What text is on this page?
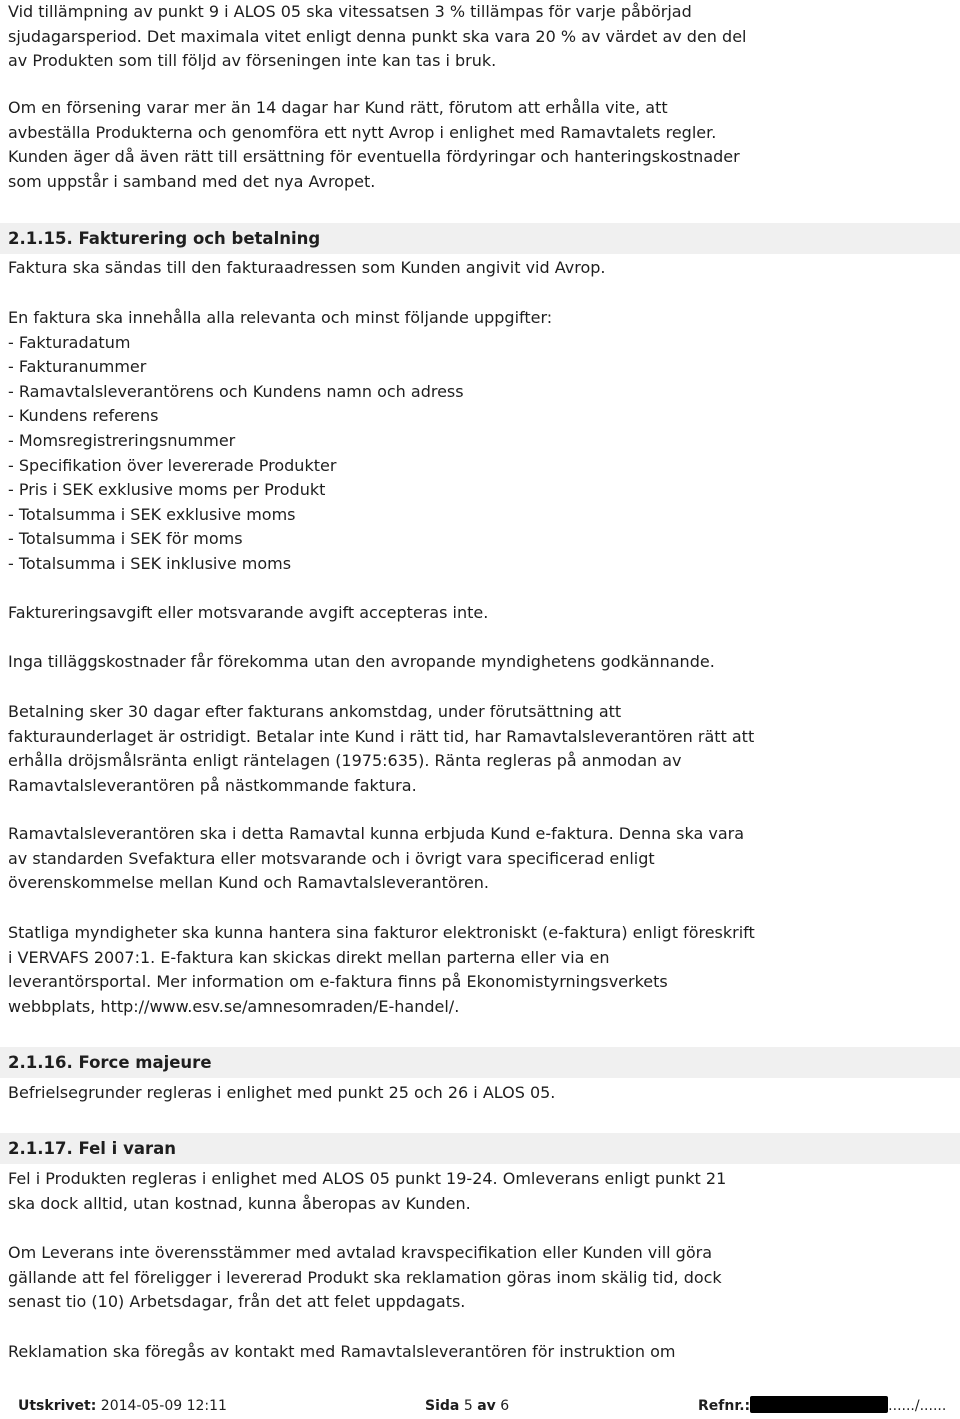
Vid tillämpning av punkt 9 i ALOS 05 ska vitessatsen 3 % tillämpas för varje påbörjad
sjudagarsperiod. Det maximala vitet enligt denna punkt ska vara 20 % av värdet av den del
av Produkten som till följd av förseningen inte kan tas i bruk.
Om en försening varar mer än 14 dagar har Kund rätt, förutom att erhålla vite, att
avbeställa Produkterna och genomföra ett nytt Avrop i enlighet med Ramavtalets regler.
Kunden äger då även rätt till ersättning för eventuella fördyringar och hanteringskostnader
som uppstår i samband med det nya Avropet.
2.1.15. Fakturering och betalning
Faktura ska sändas till den fakturaadressen som Kunden angivit vid Avrop.
En faktura ska innehålla alla relevanta och minst följande uppgifter:
- Fakturadatum
- Fakturanummer
- Ramavtalsleverantörens och Kundens namn och adress
- Kundens referens
- Momsregistreringsnummer
- Specifikation över levererade Produkter
- Pris i SEK exklusive moms per Produkt
- Totalsumma i SEK exklusive moms
- Totalsumma i SEK för moms
- Totalsumma i SEK inklusive moms
Faktureringsavgift eller motsvarande avgift accepteras inte.
Inga tilläggskostnader får förekomma utan den avropande myndighetens godkännande.
Betalning sker 30 dagar efter fakturans ankomstdag, under förutsättning att
fakturaunderlaget är ostridigt. Betalar inte Kund i rätt tid, har Ramavtalsleverantören rätt att
erhålla dröjsmålsränta enligt räntelagen (1975:635). Ränta regleras på anmodan av
Ramavtalsleverantören på nästkommande faktura.
Ramavtalsleverantören ska i detta Ramavtal kunna erbjuda Kund e-faktura. Denna ska vara
av standarden Svefaktura eller motsvarande och i övrigt vara specificerad enligt
överenskommelse mellan Kund och Ramavtalsleverantören.
Statliga myndigheter ska kunna hantera sina fakturor elektroniskt (e-faktura) enligt föreskrift
i VERVAFS 2007:1. E-faktura kan skickas direkt mellan parterna eller via en
leverantörsportal. Mer information om e-faktura finns på Ekonomistyrningsverkets
webbplats, http://www.esv.se/amnesomraden/E-handel/.
2.1.16. Force majeure
Befrielsegrunder regleras i enlighet med punkt 25 och 26 i ALOS 05.
2.1.17. Fel i varan
Fel i Produkten regleras i enlighet med ALOS 05 punkt 19-24. Omleverans enligt punkt 21
ska dock alltid, utan kostnad, kunna åberopas av Kunden.
Om Leverans inte överensstämmer med avtalad kravspecifikation eller Kunden vill göra
gällande att fel föreligger i levererad Produkt ska reklamation göras inom skälig tid, dock
senast tio (10) Arbetsdagar, från det att felet uppdagats.
Reklamation ska föregås av kontakt med Ramavtalsleverantören för instruktion om
Utskrivet: 2014-05-09 12:11	Sida 5 av 6	Refnr.:	....../......
